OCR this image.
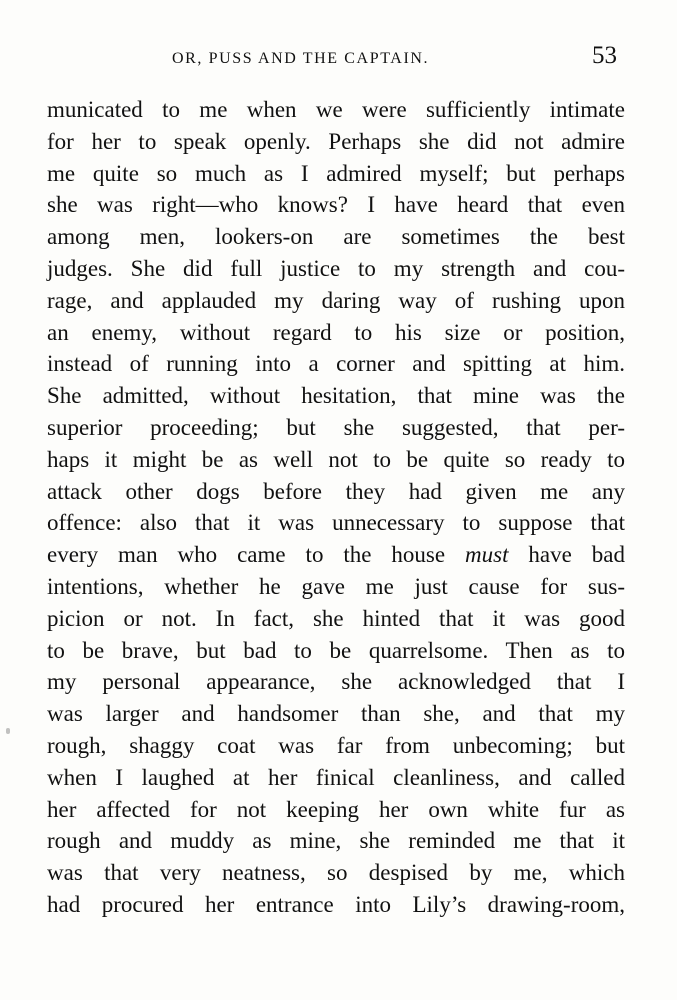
OR, PUSS AND THE CAPTAIN.	53
municated to me when we were sufficiently intimate
for her to speak openly. Perhaps she did not admire
me quite so much as I admired myself; but perhaps
she was right—who knows? I have heard that even
among men, lookers-on are sometimes the best
judges. She did full justice to my strength and cou-
rage, and applauded my daring way of rushing upon
an enemy, without regard to his size or position,
instead of running into a corner and spitting at him.
She admitted, without hesitation, that mine was the
superior proceeding; but she suggested, that per-
haps it might be as well not to be quite so ready to
attack other dogs before they had given me any
offence: also that it was unnecessary to suppose that
every man who came to the house must have bad
intentions, whether he gave me just cause for sus-
picion or not. In fact, she hinted that it was good
to be brave, but bad to be quarrelsome. Then as to
my personal appearance, she acknowledged that I
was larger and handsomer than she, and that my
rough, shaggy coat was far from unbecoming; but
when I laughed at her finical cleanliness, and called
her affected for not keeping her own white fur as
rough and muddy as mine, she reminded me that it
was that very neatness, so despised by me, which
had procured her entrance into Lily’s drawing-room,
